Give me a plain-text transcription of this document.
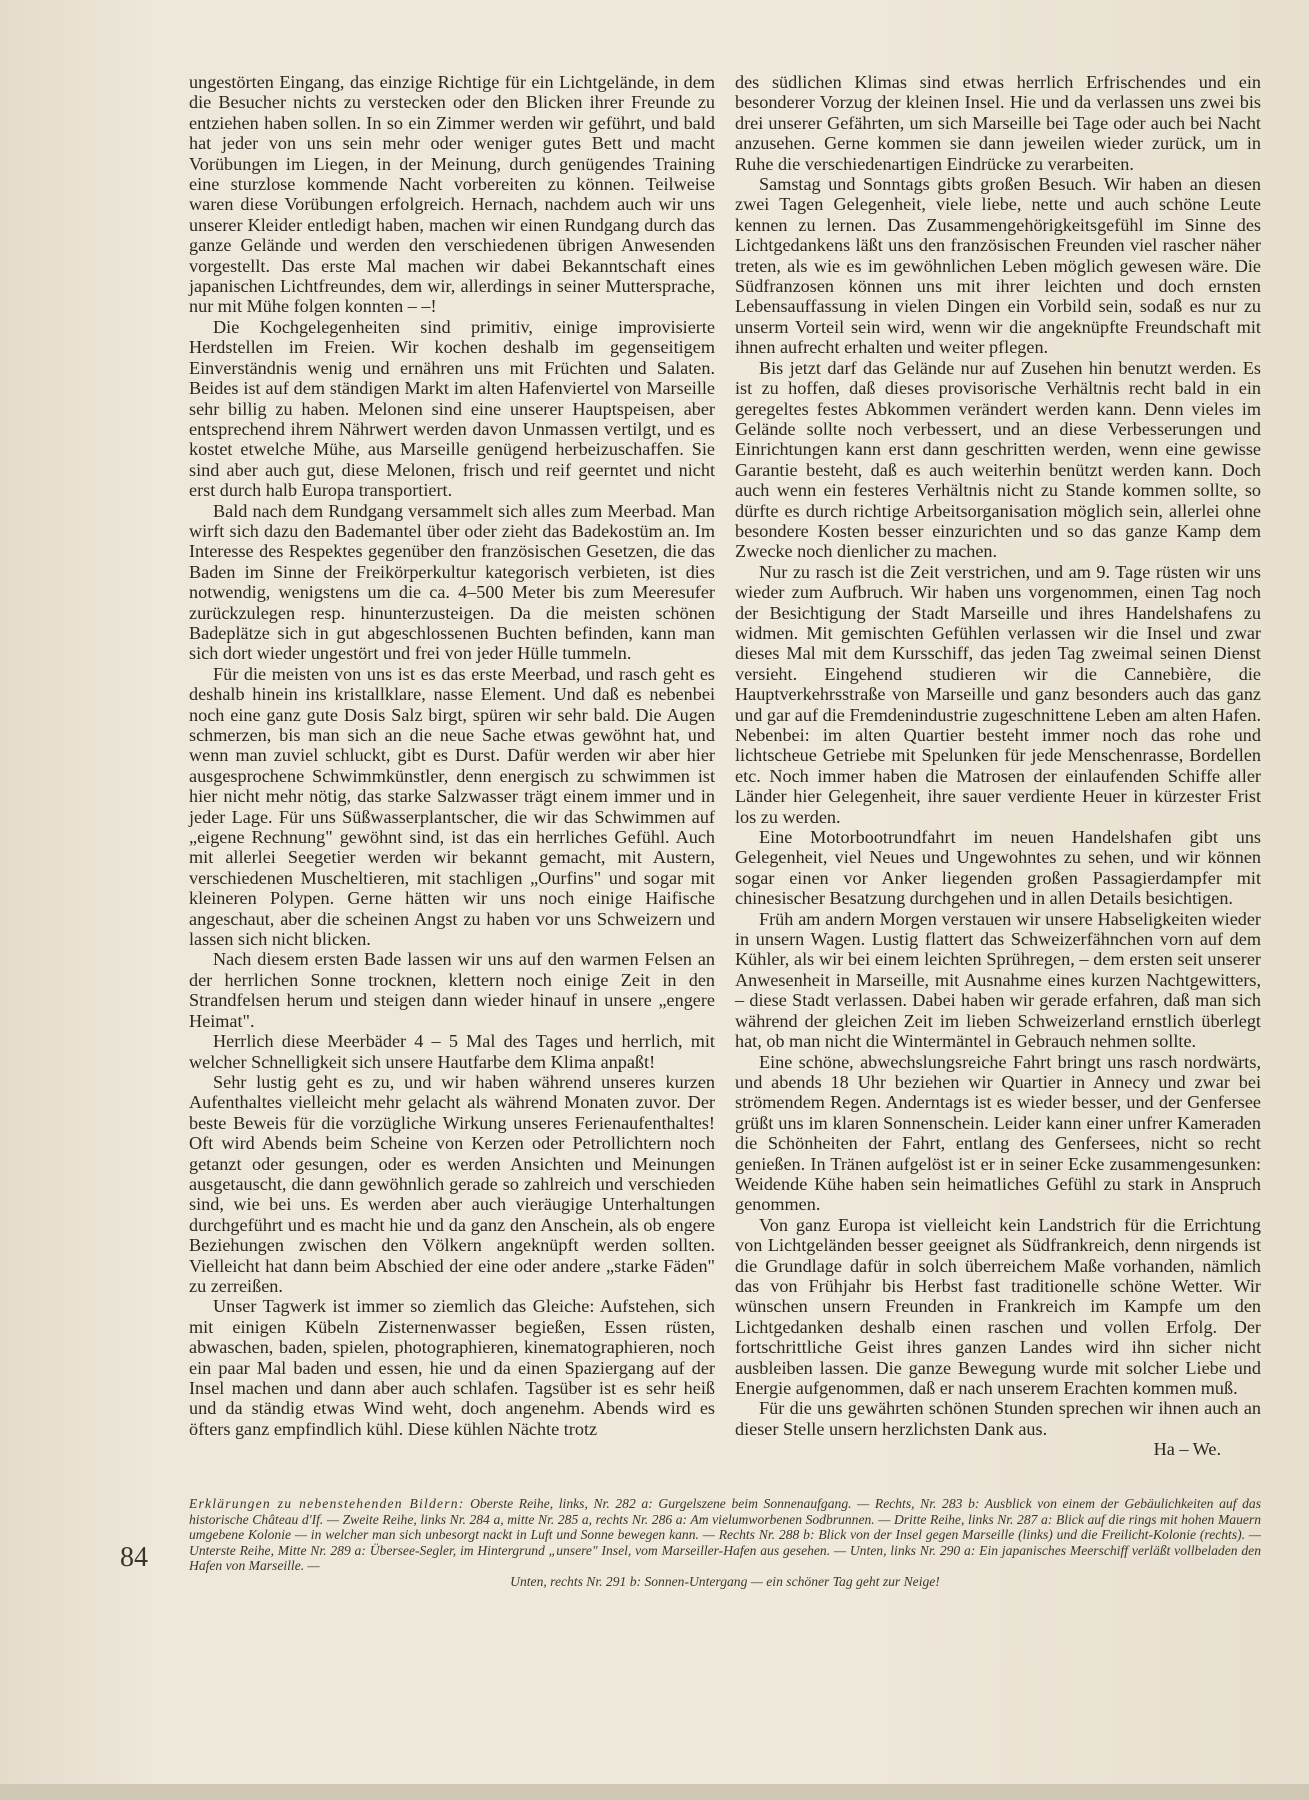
ungestörten Eingang, das einzige Richtige für ein Lichtgelände, in dem die Besucher nichts zu verstecken oder den Blicken ihrer Freunde zu entziehen haben sollen. In so ein Zimmer werden wir geführt, und bald hat jeder von uns sein mehr oder weniger gutes Bett und macht Vorübungen im Liegen, in der Meinung, durch genügendes Training eine sturzlose kommende Nacht vorbereiten zu können. Teilweise waren diese Vorübungen erfolgreich. Hernach, nachdem auch wir uns unserer Kleider entledigt haben, machen wir einen Rundgang durch das ganze Gelände und werden den verschiedenen übrigen Anwesenden vorgestellt. Das erste Mal machen wir dabei Bekanntschaft eines japanischen Lichtfreundes, dem wir, allerdings in seiner Muttersprache, nur mit Mühe folgen konnten – –!

Die Kochgelegenheiten sind primitiv, einige improvisierte Herdstellen im Freien. Wir kochen deshalb im gegenseitigem Einverständnis wenig und ernähren uns mit Früchten und Salaten. Beides ist auf dem ständigen Markt im alten Hafenviertel von Marseille sehr billig zu haben. Melonen sind eine unserer Hauptspeisen, aber entsprechend ihrem Nährwert werden davon Unmassen vertilgt, und es kostet etwelche Mühe, aus Marseille genügend herbeizuschaffen. Sie sind aber auch gut, diese Melonen, frisch und reif geerntet und nicht erst durch halb Europa transportiert.

Bald nach dem Rundgang versammelt sich alles zum Meerbad. Man wirft sich dazu den Bademantel über oder zieht das Badekostüm an. Im Interesse des Respektes gegenüber den französischen Gesetzen, die das Baden im Sinne der Freikörperkultur kategorisch verbieten, ist dies notwendig, wenigstens um die ca. 4–500 Meter bis zum Meeresufer zurückzulegen resp. hinunterzusteigen. Da die meisten schönen Badeplätze sich in gut abgeschlossenen Buchten befinden, kann man sich dort wieder ungestört und frei von jeder Hülle tummeln.

Für die meisten von uns ist es das erste Meerbad, und rasch geht es deshalb hinein ins kristallklare, nasse Element. Und daß es nebenbei noch eine ganz gute Dosis Salz birgt, spüren wir sehr bald. Die Augen schmerzen, bis man sich an die neue Sache etwas gewöhnt hat, und wenn man zuviel schluckt, gibt es Durst. Dafür werden wir aber hier ausgesprochene Schwimmkünstler, denn energisch zu schwimmen ist hier nicht mehr nötig, das starke Salzwasser trägt einem immer und in jeder Lage. Für uns Süßwasserplantscher, die wir das Schwimmen auf „eigene Rechnung" gewöhnt sind, ist das ein herrliches Gefühl. Auch mit allerlei Seegetier werden wir bekannt gemacht, mit Austern, verschiedenen Muscheltieren, mit stachligen „Ourfins" und sogar mit kleineren Polypen. Gerne hätten wir uns noch einige Haifische angeschaut, aber die scheinen Angst zu haben vor uns Schweizern und lassen sich nicht blicken.

Nach diesem ersten Bade lassen wir uns auf den warmen Felsen an der herrlichen Sonne trocknen, klettern noch einige Zeit in den Strandfelsen herum und steigen dann wieder hinauf in unsere „engere Heimat".

Herrlich diese Meerbäder 4 – 5 Mal des Tages und herrlich, mit welcher Schnelligkeit sich unsere Hautfarbe dem Klima anpaßt!

Sehr lustig geht es zu, und wir haben während unseres kurzen Aufenthaltes vielleicht mehr gelacht als während Monaten zuvor. Der beste Beweis für die vorzügliche Wirkung unseres Ferienaufenthaltes! Oft wird Abends beim Scheine von Kerzen oder Petrollichtern noch getanzt oder gesungen, oder es werden Ansichten und Meinungen ausgetauscht, die dann gewöhnlich gerade so zahlreich und verschieden sind, wie bei uns. Es werden aber auch vieräugige Unterhaltungen durchgeführt und es macht hie und da ganz den Anschein, als ob engere Beziehungen zwischen den Völkern angeknüpft werden sollten. Vielleicht hat dann beim Abschied der eine oder andere „starke Fäden" zu zerreißen.

Unser Tagwerk ist immer so ziemlich das Gleiche: Aufstehen, sich mit einigen Kübeln Zisternenwasser begießen, Essen rüsten, abwaschen, baden, spielen, photographieren, kinematographieren, noch ein paar Mal baden und essen, hie und da einen Spaziergang auf der Insel machen und dann aber auch schlafen. Tagsüber ist es sehr heiß und da ständig etwas Wind weht, doch angenehm. Abends wird es öfters ganz empfindlich kühl. Diese kühlen Nächte trotz

des südlichen Klimas sind etwas herrlich Erfrischendes und ein besonderer Vorzug der kleinen Insel. Hie und da verlassen uns zwei bis drei unserer Gefährten, um sich Marseille bei Tage oder auch bei Nacht anzusehen. Gerne kommen sie dann jeweilen wieder zurück, um in Ruhe die verschiedenartigen Eindrücke zu verarbeiten.

Samstag und Sonntags gibts großen Besuch. Wir haben an diesen zwei Tagen Gelegenheit, viele liebe, nette und auch schöne Leute kennen zu lernen. Das Zusammengehörigkeitsgefühl im Sinne des Lichtgedankens läßt uns den französischen Freunden viel rascher näher treten, als wie es im gewöhnlichen Leben möglich gewesen wäre. Die Südfranzosen können uns mit ihrer leichten und doch ernsten Lebensauffassung in vielen Dingen ein Vorbild sein, sodaß es nur zu unserm Vorteil sein wird, wenn wir die angeknüpfte Freundschaft mit ihnen aufrecht erhalten und weiter pflegen.

Bis jetzt darf das Gelände nur auf Zusehen hin benutzt werden. Es ist zu hoffen, daß dieses provisorische Verhältnis recht bald in ein geregeltes festes Abkommen verändert werden kann. Denn vieles im Gelände sollte noch verbessert, und an diese Verbesserungen und Einrichtungen kann erst dann geschritten werden, wenn eine gewisse Garantie besteht, daß es auch weiterhin benützt werden kann. Doch auch wenn ein festeres Verhältnis nicht zu Stande kommen sollte, so dürfte es durch richtige Arbeitsorganisation möglich sein, allerlei ohne besondere Kosten besser einzurichten und so das ganze Kamp dem Zwecke noch dienlicher zu machen.

Nur zu rasch ist die Zeit verstrichen, und am 9. Tage rüsten wir uns wieder zum Aufbruch. Wir haben uns vorgenommen, einen Tag noch der Besichtigung der Stadt Marseille und ihres Handelshafens zu widmen. Mit gemischten Gefühlen verlassen wir die Insel und zwar dieses Mal mit dem Kursschiff, das jeden Tag zweimal seinen Dienst versieht. Eingehend studieren wir die Cannebière, die Hauptverkehrsstraße von Marseille und ganz besonders auch das ganz und gar auf die Fremdenindustrie zugeschnittene Leben am alten Hafen. Nebenbei: im alten Quartier besteht immer noch das rohe und lichtscheue Getriebe mit Spelunken für jede Menschenrasse, Bordellen etc. Noch immer haben die Matrosen der einlaufenden Schiffe aller Länder hier Gelegenheit, ihre sauer verdiente Heuer in kürzester Frist los zu werden.

Eine Motorbootrundfahrt im neuen Handelshafen gibt uns Gelegenheit, viel Neues und Ungewohntes zu sehen, und wir können sogar einen vor Anker liegenden großen Passagierdampfer mit chinesischer Besatzung durchgehen und in allen Details besichtigen.

Früh am andern Morgen verstauen wir unsere Habseligkeiten wieder in unsern Wagen. Lustig flattert das Schweizerfähnchen vorn auf dem Kühler, als wir bei einem leichten Sprühregen, – dem ersten seit unserer Anwesenheit in Marseille, mit Ausnahme eines kurzen Nachtgewitters, – diese Stadt verlassen. Dabei haben wir gerade erfahren, daß man sich während der gleichen Zeit im lieben Schweizerland ernstlich überlegt hat, ob man nicht die Wintermäntel in Gebrauch nehmen sollte.

Eine schöne, abwechslungsreiche Fahrt bringt uns rasch nordwärts, und abends 18 Uhr beziehen wir Quartier in Annecy und zwar bei strömendem Regen. Anderntags ist es wieder besser, und der Genfersee grüßt uns im klaren Sonnenschein. Leider kann einer unfrer Kameraden die Schönheiten der Fahrt, entlang des Genfersees, nicht so recht genießen. In Tränen aufgelöst ist er in seiner Ecke zusammengesunken: Weidende Kühe haben sein heimatliches Gefühl zu stark in Anspruch genommen.

Von ganz Europa ist vielleicht kein Landstrich für die Errichtung von Lichtgeländen besser geeignet als Südfrankreich, denn nirgends ist die Grundlage dafür in solch überreichem Maße vorhanden, nämlich das von Frühjahr bis Herbst fast traditionelle schöne Wetter. Wir wünschen unsern Freunden in Frankreich im Kampfe um den Lichtgedanken deshalb einen raschen und vollen Erfolg. Der fortschrittliche Geist ihres ganzen Landes wird ihn sicher nicht ausbleiben lassen. Die ganze Bewegung wurde mit solcher Liebe und Energie aufgenommen, daß er nach unserem Erachten kommen muß.

Für die uns gewährten schönen Stunden sprechen wir ihnen auch an dieser Stelle unsern herzlichsten Dank aus.

Ha – We.
84
Erklärungen zu nebenstehenden Bildern: Oberste Reihe, links, Nr. 282 a: Gurgelszene beim Sonnenaufgang. — Rechts, Nr. 283 b: Ausblick von einem der Gebäulichkeiten auf das historische Château d'If. — Zweite Reihe, links Nr. 284 a, mitte Nr. 285 a, rechts Nr. 286 a: Am vielumworbenen Sodbrunnen. — Dritte Reihe, links Nr. 287 a: Blick auf die rings mit hohen Mauern umgebene Kolonie — in welcher man sich unbesorgt nackt in Luft und Sonne bewegen kann. — Rechts Nr. 288 b: Blick von der Insel gegen Marseille (links) und die Freilicht-Kolonie (rechts). — Unterste Reihe, Mitte Nr. 289 a: Übersee-Segler, im Hintergrund „unsere" Insel, vom Marseiller-Hafen aus gesehen. — Unten, links Nr. 290 a: Ein japanisches Meerschiff verläßt vollbeladen den Hafen von Marseille. —
Unten, rechts Nr. 291 b: Sonnen-Untergang — ein schöner Tag geht zur Neige!
